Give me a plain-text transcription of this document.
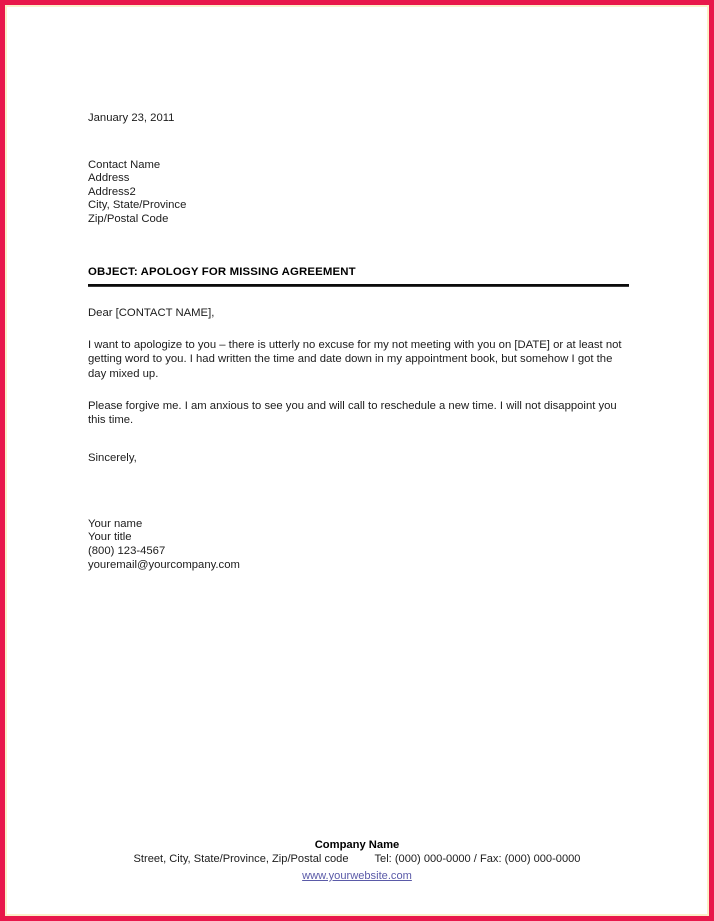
January 23, 2011
Contact Name
Address
Address2
City, State/Province
Zip/Postal Code
OBJECT: APOLOGY FOR MISSING AGREEMENT
Dear [CONTACT NAME],

I want to apologize to you – there is utterly no excuse for my not meeting with you on [DATE] or at least not getting word to you. I had written the time and date down in my appointment book, but somehow I got the day mixed up.

Please forgive me. I am anxious to see you and will call to reschedule a new time. I will not disappoint you this time.

Sincerely,
Your name
Your title
(800) 123-4567
youremail@yourcompany.com
Company Name
Street, City, State/Province, Zip/Postal code Tel: (000) 000-0000 / Fax: (000) 000-0000
www.yourwebsite.com
